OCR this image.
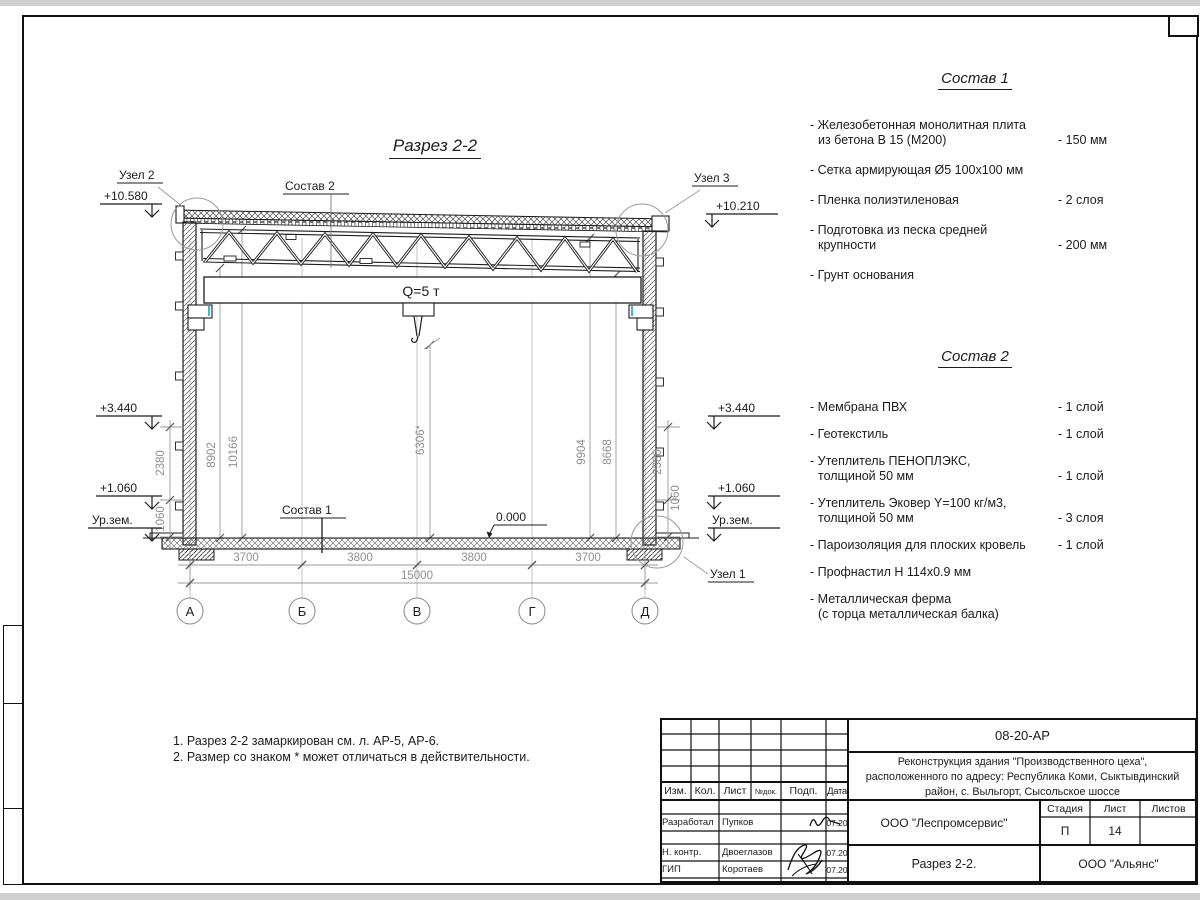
Разрез 2-2
8902 10166	6306*	9904 8668
Q=5 т
2380
1060
2380
1060
3700	3800	3800	3700
15000
А	Б	В	Г	Д
+10.580
+3.440
+1.060
Ур.зем.
+10.210
+3.440
+1.060
Ур.зем.
Узел 2	Узел 3
Узел 1
Состав 2
Состав 1	0.000
Состав 1
- Железобетонная монолитная плита
из бетона В 15 (М200)	- 150 мм
- Сетка армирующая Ø5 100x100 мм
- Пленка полиэтиленовая	- 2 слоя
- Подготовка из песка средней
крупности	- 200 мм
- Грунт основания
Состав 2
- Мембрана ПВХ	- 1 слой
- Геотекстиль	- 1 слой
- Утеплитель ПЕНОПЛЭКС,
толщиной 50 мм	- 1 слой
- Утеплитель Эковер Y=100 кг/м3,
толщиной 50 мм	- 3 слоя
- Пароизоляция для плоских кровель	- 1 слой
- Профнастил Н 114x0.9 мм
- Металлическая ферма
(с торца металлическая балка)
1. Разрез 2-2 замаркирован см. л. АР-5, АР-6.
2. Размер со знаком * может отличаться в действительности.
08-20-АР
Реконструкция здания "Производственного цеха",
расположенного по адресу: Республика Коми, Сыктывдинский
район, с. Выльгорт, Сысольское шоссе
ООО "Леспромсервис"
Стадия Лист Листов
П	14
Разрез 2-2.	ООО "Альянс"
Изм. Кол. Лист №док. Подп. Дата
Разработал Пупков	07.20
Н. контр. Двоеглазов	07.20
ГИП	Коротаев	07.20
